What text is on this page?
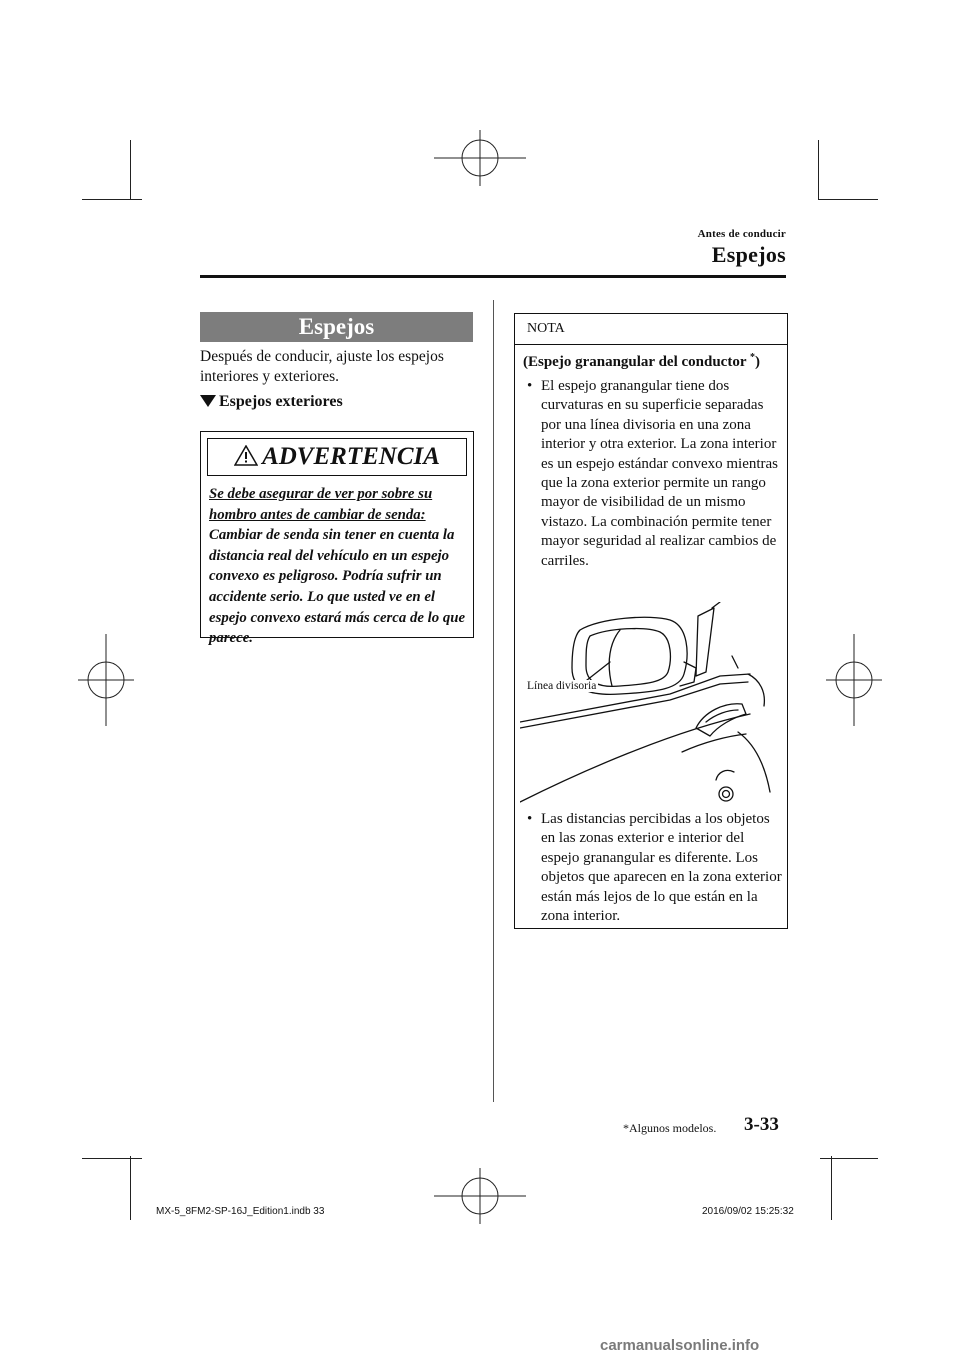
Antes de conducir
Espejos
Espejos
Después de conducir, ajuste los espejos interiores y exteriores.
Espejos exteriores
ADVERTENCIA
Se debe asegurar de ver por sobre su hombro antes de cambiar de senda: Cambiar de senda sin tener en cuenta la distancia real del vehículo en un espejo convexo es peligroso. Podría sufrir un accidente serio. Lo que usted ve en el espejo convexo estará más cerca de lo que parece.
NOTA
(Espejo granangular del conductor *)
• El espejo granangular tiene dos curvaturas en su superficie separadas por una línea divisoria en una zona interior y otra exterior. La zona interior es un espejo estándar convexo mientras que la zona exterior permite un rango mayor de visibilidad de un mismo vistazo. La combinación permite tener mayor seguridad al realizar cambios de carriles.
• Las distancias percibidas a los objetos en las zonas exterior e interior del espejo granangular es diferente. Los objetos que aparecen en la zona exterior están más lejos de lo que están en la zona interior.
Línea divisoria
*Algunos modelos. 3-33
MX-5_8FM2-SP-16J_Edition1.indb 33	2016/09/02 15:25:32
carmanualsonline.info
